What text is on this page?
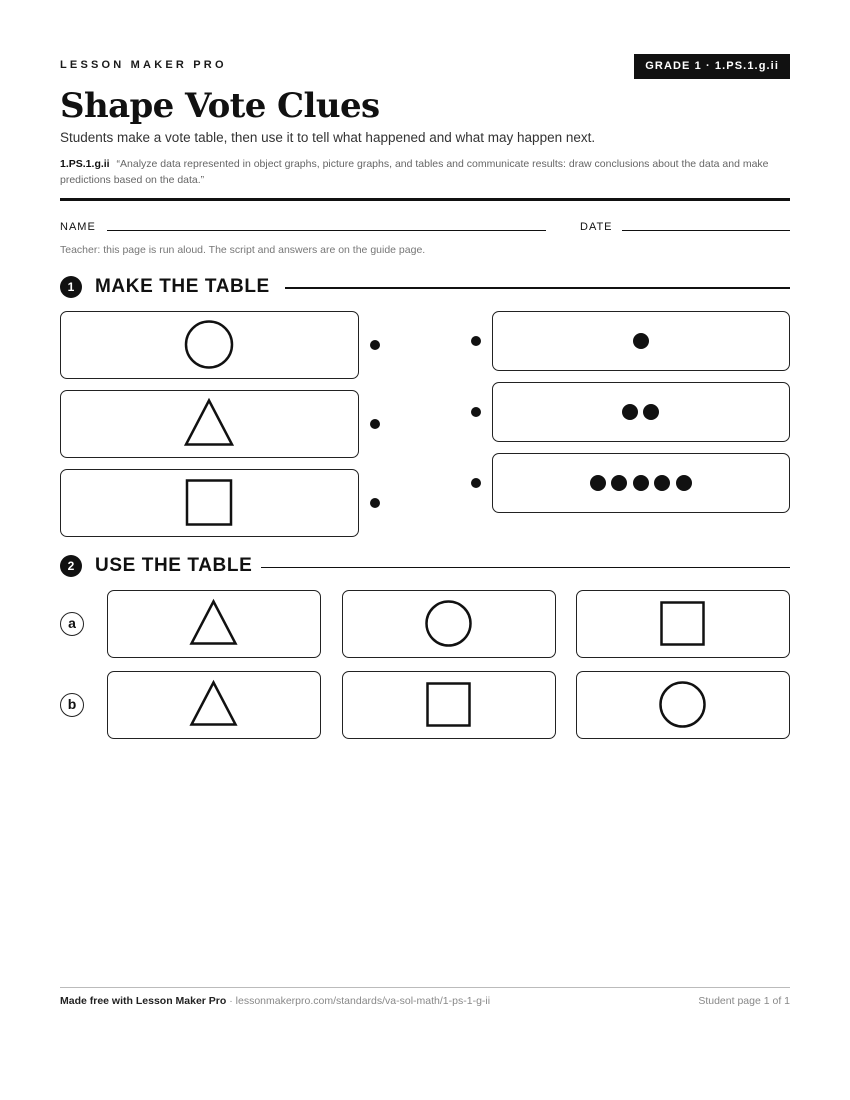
LESSON MAKER PRO	GRADE 1 · 1.PS.1.g.ii
Shape Vote Clues
Students make a vote table, then use it to tell what happened and what may happen next.
1.PS.1.g.ii “Analyze data represented in object graphs, picture graphs, and tables and communicate results: draw conclusions about the data and make predictions based on the data.”
NAME	DATE
Teacher: this page is run aloud. The script and answers are on the guide page.
1	MAKE THE TABLE
2	USE THE TABLE
a
b
Made free with Lesson Maker Pro · lessonmakerpro.com/standards/va-sol-math/1-ps-1-g-ii	Student page 1 of 1
